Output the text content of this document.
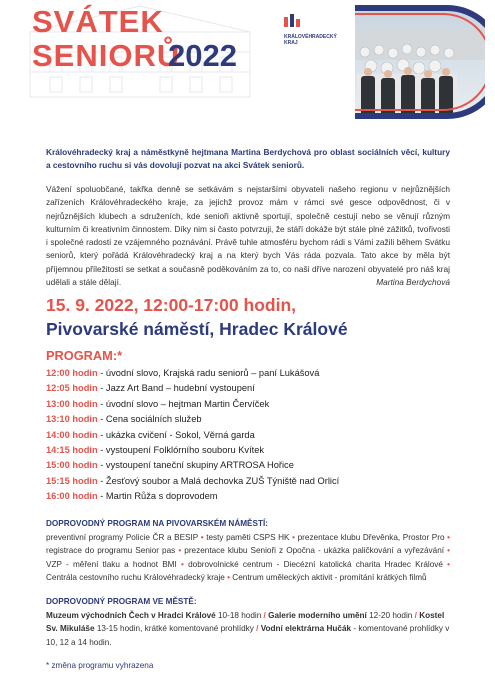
SVÁTEK
SENIORŮ
2022
KRÁLOVÉHRADECKÝ
KRAJ

Královéhradecký kraj a náměstkyně hejtmana Martina Berdychová pro oblast sociálních věcí, kultury a cestovního ruchu si vás dovolují pozvat na akci Svátek seniorů.

Vážení spoluobčané, takřka denně se setkávám s nejstaršími obyvateli našeho regionu v nejrůznějších zařízeních Královéhradeckého kraje, za jejichž provoz mám v rámci své gesce odpovědnost, či v nejrůznějších klubech a sdruženích, kde senioři aktivně sportují, společně cestují nebo se věnují různým kulturním či kreativním činnostem. Díky nim si často potvrzuji, že stáří dokáže být stále plné zážitků, tvořivosti i společné radosti ze vzájemného poznávání. Právě tuhle atmosféru bychom rádi s Vámi zažili během Svátku seniorů, který pořádá Královéhradecký kraj a na který bych Vás ráda pozvala. Tato akce by měla být příjemnou příležitostí se setkat a současně poděkováním za to, co naši dříve narození obyvatelé pro náš kraj udělali a stále dělají.	Martina Berdychová
15. 9. 2022, 12:00-17:00 hodin,
Pivovarské náměstí, Hradec Králové
PROGRAM:*
12:00 hodin - úvodní slovo, Krajská radu seniorů – paní Lukášová
12:05 hodin - Jazz Art Band – hudební vystoupení
13:00 hodin - úvodní slovo – hejtman Martin Červíček
13:10 hodin - Cena sociálních služeb
14:00 hodin - ukázka cvičení - Sokol, Věrná garda
14:15 hodin - vystoupení Folklórního souboru Kvítek
15:00 hodin - vystoupení taneční skupiny ARTROSA Hořice
15:15 hodin - Žesťový soubor a Malá dechovka ZUŠ Týniště nad Orlicí
16:00 hodin - Martin Růža s doprovodem
DOPROVODNÝ PROGRAM NA PIVOVARSKÉM NÁMĚSTÍ:

preventivní programy Policie ČR a BESIP • testy paměti CSPS HK • prezentace klubu Dřevěnka, Prostor Pro • registrace do programu Senior pas • prezentace klubu Senioři z Opočna - ukázka paličkování a vyřezávání • VZP - měření tlaku a hodnot BMI • dobrovolnické centrum - Diecézní katolická charita Hradec Králové • Centrála cestovního ruchu Královéhradecký kraje • Centrum uměleckých aktivit - promítání krátkých filmů

DOPROVODNÝ PROGRAM VE MĚSTĚ:

Muzeum východních Čech v Hradci Králové 10-18 hodin / Galerie moderního umění 12-20 hodin / Kostel Sv. Mikuláše 13-15 hodin, krátké komentované prohlídky / Vodní elektrárna Hučák - komentované prohlídky v 10, 12 a 14 hodin.

* změna programu vyhrazena
